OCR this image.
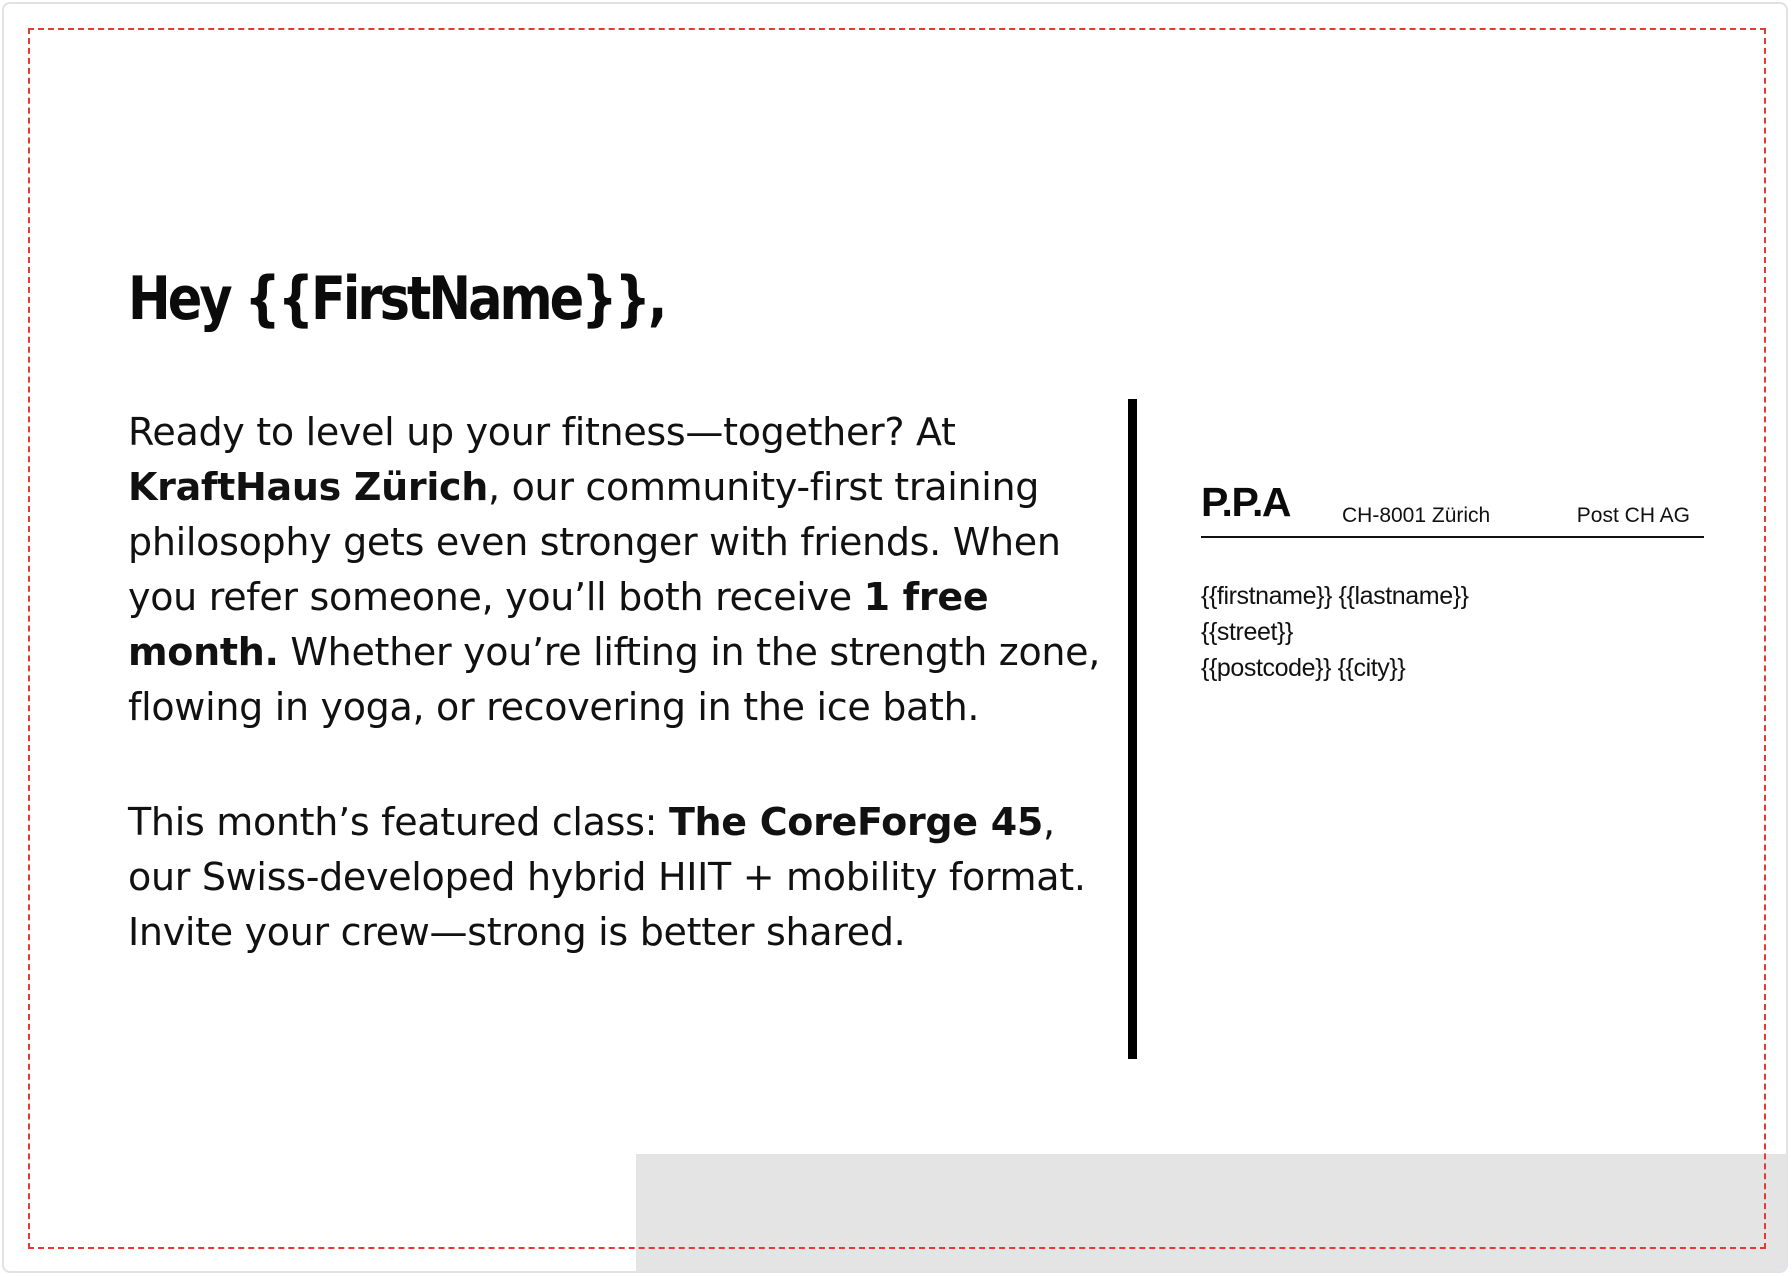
Hey {{FirstName}},

Ready to level up your fitness—together? At KraftHaus Zürich, our community-first training philosophy gets even stronger with friends. When you refer someone, you’ll both receive 1 free month. Whether you’re lifting in the strength zone, flowing in yoga, or recovering in the ice bath.

This month’s featured class: The CoreForge 45, our Swiss-developed hybrid HIIT + mobility format. Invite your crew—strong is better shared.

P.P.A CH-8001 Zürich	Post CH AG
{{firstname}} {{lastname}}
{{street}}
{{postcode}} {{city}}
